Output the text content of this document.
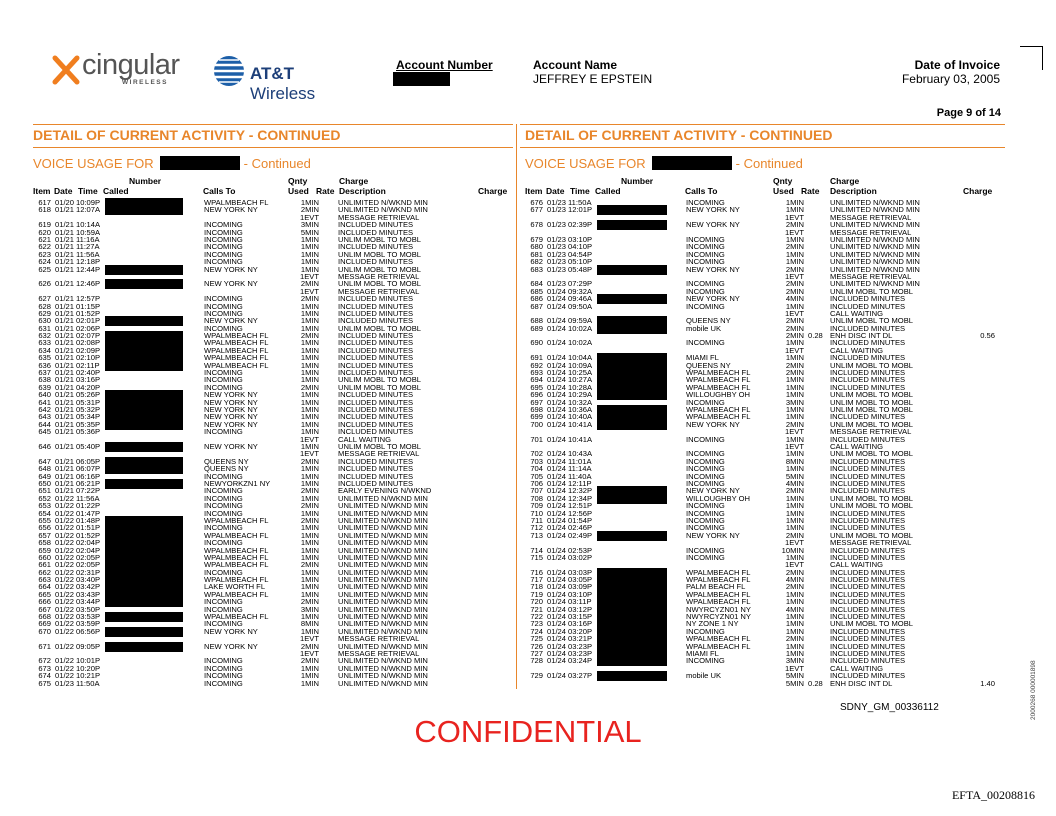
cingular
WIRELESS	AT&T Wireless
Account Number	Account Name
JEFFREY E EPSTEIN
Date of Invoice
February 03, 2005
Page 9 of 14
DETAIL OF CURRENT ACTIVITY - CONTINUED	DETAIL OF CURRENT ACTIVITY - CONTINUED
VOICE USAGE FOR	- Continued	VOICE USAGE FOR	- Continued
Number	Qnty	Charge
Item Date Time Called	Calls To	Used Rate Description	Charge
Number	Qnty	Charge
Item Date Time Called	Calls To	Used Rate Description	Charge
617 01/20 10:09P	WPALMBEACH FL	1MIN	UNLIMITED N/WKND MIN
618 01/21 12:07A	NEW YORK NY	2MIN	UNLIMITED N/WKND MIN
1EVT	MESSAGE RETRIEVAL
619 01/21 10:14A	INCOMING	3MIN	INCLUDED MINUTES
620 01/21 10:59A	INCOMING	5MIN	INCLUDED MINUTES
621 01/21 11:16A	INCOMING	1MIN	UNLIM MOBL TO MOBL
622 01/21 11:27A	INCOMING	1MIN	INCLUDED MINUTES
623 01/21 11:56A	INCOMING	1MIN	UNLIM MOBL TO MOBL
624 01/21 12:18P	INCOMING	1MIN	INCLUDED MINUTES
625 01/21 12:44P	NEW YORK NY	1MIN	UNLIM MOBL TO MOBL
1EVT	MESSAGE RETRIEVAL
626 01/21 12:46P	NEW YORK NY	2MIN	UNLIM MOBL TO MOBL
1EVT	MESSAGE RETRIEVAL
627 01/21 12:57P	INCOMING	2MIN	INCLUDED MINUTES
628 01/21 01:15P	INCOMING	1MIN	INCLUDED MINUTES
629 01/21 01:52P	INCOMING	1MIN	INCLUDED MINUTES
630 01/21 02:01P	NEW YORK NY	1MIN	INCLUDED MINUTES
631 01/21 02:06P	INCOMING	1MIN	UNLIM MOBL TO MOBL
632 01/21 02:07P	WPALMBEACH FL	2MIN	INCLUDED MINUTES
633 01/21 02:08P	WPALMBEACH FL	1MIN	INCLUDED MINUTES
634 01/21 02:09P	WPALMBEACH FL	1MIN	INCLUDED MINUTES
635 01/21 02:10P	WPALMBEACH FL	1MIN	INCLUDED MINUTES
636 01/21 02:11P	WPALMBEACH FL	1MIN	INCLUDED MINUTES
637 01/21 02:40P	INCOMING	1MIN	INCLUDED MINUTES
638 01/21 03:16P	INCOMING	1MIN	UNLIM MOBL TO MOBL
639 01/21 04:20P	INCOMING	2MIN	UNLIM MOBL TO MOBL
640 01/21 05:26P	NEW YORK NY	1MIN	INCLUDED MINUTES
641 01/21 05:31P	NEW YORK NY	1MIN	INCLUDED MINUTES
642 01/21 05:32P	NEW YORK NY	1MIN	INCLUDED MINUTES
643 01/21 05:34P	NEW YORK NY	1MIN	INCLUDED MINUTES
644 01/21 05:35P	NEW YORK NY	1MIN	INCLUDED MINUTES
645 01/21 05:36P	INCOMING	1MIN	INCLUDED MINUTES
1EVT	CALL WAITING
646 01/21 05:40P	NEW YORK NY	1MIN	UNLIM MOBL TO MOBL
1EVT	MESSAGE RETRIEVAL
647 01/21 06:05P	QUEENS NY	2MIN	INCLUDED MINUTES
648 01/21 06:07P	QUEENS NY	1MIN	INCLUDED MINUTES
649 01/21 06:16P	INCOMING	1MIN	INCLUDED MINUTES
650 01/21 06:21P	NEWYORKZN1 NY	1MIN	INCLUDED MINUTES
651 01/21 07:22P	INCOMING	2MIN	EARLY EVENING N/WKND
652 01/22 11:56A	INCOMING	1MIN	UNLIMITED N/WKND MIN
653 01/22 01:22P	INCOMING	2MIN	UNLIMITED N/WKND MIN
654 01/22 01:47P	INCOMING	1MIN	UNLIMITED N/WKND MIN
655 01/22 01:48P	WPALMBEACH FL	2MIN	UNLIMITED N/WKND MIN
656 01/22 01:51P	INCOMING	1MIN	UNLIMITED N/WKND MIN
657 01/22 01:52P	WPALMBEACH FL	1MIN	UNLIMITED N/WKND MIN
658 01/22 02:04P	INCOMING	1MIN	UNLIMITED N/WKND MIN
659 01/22 02:04P	WPALMBEACH FL	1MIN	UNLIMITED N/WKND MIN
660 01/22 02:05P	WPALMBEACH FL	1MIN	UNLIMITED N/WKND MIN
661 01/22 02:05P	WPALMBEACH FL	2MIN	UNLIMITED N/WKND MIN
662 01/22 02:31P	INCOMING	1MIN	UNLIMITED N/WKND MIN
663 01/22 03:40P	WPALMBEACH FL	1MIN	UNLIMITED N/WKND MIN
664 01/22 03:42P	LAKE WORTH FL	1MIN	UNLIMITED N/WKND MIN
665 01/22 03:43P	WPALMBEACH FL	1MIN	UNLIMITED N/WKND MIN
666 01/22 03:44P	INCOMING	2MIN	UNLIMITED N/WKND MIN
667 01/22 03:50P	INCOMING	3MIN	UNLIMITED N/WKND MIN
668 01/22 03:53P	WPALMBEACH FL	1MIN	UNLIMITED N/WKND MIN
669 01/22 03:59P	INCOMING	8MIN	UNLIMITED N/WKND MIN
670 01/22 06:56P	NEW YORK NY	1MIN	UNLIMITED N/WKND MIN
1EVT	MESSAGE RETRIEVAL
671 01/22 09:05P	NEW YORK NY	2MIN	UNLIMITED N/WKND MIN
1EVT	MESSAGE RETRIEVAL
672 01/22 10:01P	INCOMING	2MIN	UNLIMITED N/WKND MIN
673 01/22 10:20P	INCOMING	1MIN	UNLIMITED N/WKND MIN
674 01/22 10:21P	INCOMING	1MIN	UNLIMITED N/WKND MIN
675 01/23 11:50A	INCOMING	1MIN	UNLIMITED N/WKND MIN
676 01/23 11:50A	INCOMING	1MIN	UNLIMITED N/WKND MIN
677 01/23 12:01P	NEW YORK NY	1MIN	UNLIMITED N/WKND MIN
1EVT	MESSAGE RETRIEVAL
678 01/23 02:39P	NEW YORK NY	2MIN	UNLIMITED N/WKND MIN
1EVT	MESSAGE RETRIEVAL
679 01/23 03:10P	INCOMING	1MIN	UNLIMITED N/WKND MIN
680 01/23 04:10P	INCOMING	2MIN	UNLIMITED N/WKND MIN
681 01/23 04:54P	INCOMING	1MIN	UNLIMITED N/WKND MIN
682 01/23 05:10P	INCOMING	1MIN	UNLIMITED N/WKND MIN
683 01/23 05:48P	NEW YORK NY	2MIN	UNLIMITED N/WKND MIN
1EVT	MESSAGE RETRIEVAL
684 01/23 07:29P	INCOMING	2MIN	UNLIMITED N/WKND MIN
685 01/24 09:32A	INCOMING	2MIN	UNLIM MOBL TO MOBL
686 01/24 09:46A	NEW YORK NY	4MIN	INCLUDED MINUTES
687 01/24 09:50A	INCOMING	1MIN	INCLUDED MINUTES
1EVT	CALL WAITING
688 01/24 09:59A	QUEENS NY	2MIN	UNLIM MOBL TO MOBL
689 01/24 10:02A	mobile UK	2MIN	INCLUDED MINUTES
2MIN 0.28 ENH DISC INT DL	0.56
690 01/24 10:02A	INCOMING	1MIN	INCLUDED MINUTES
1EVT	CALL WAITING
691 01/24 10:04A	MIAMI FL	1MIN	INCLUDED MINUTES
692 01/24 10:09A	QUEENS NY	2MIN	UNLIM MOBL TO MOBL
693 01/24 10:25A	WPALMBEACH FL	2MIN	INCLUDED MINUTES
694 01/24 10:27A	WPALMBEACH FL	1MIN	INCLUDED MINUTES
695 01/24 10:28A	WPALMBEACH FL	1MIN	INCLUDED MINUTES
696 01/24 10:29A	WILLOUGHBY OH	1MIN	UNLIM MOBL TO MOBL
697 01/24 10:32A	INCOMING	3MIN	UNLIM MOBL TO MOBL
698 01/24 10:36A	WPALMBEACH FL	1MIN	UNLIM MOBL TO MOBL
699 01/24 10:40A	WPALMBEACH FL	1MIN	INCLUDED MINUTES
700 01/24 10:41A	NEW YORK NY	2MIN	UNLIM MOBL TO MOBL
1EVT	MESSAGE RETRIEVAL
701 01/24 10:41A	INCOMING	1MIN	INCLUDED MINUTES
1EVT	CALL WAITING
702 01/24 10:43A	INCOMING	1MIN	UNLIM MOBL TO MOBL
703 01/24 11:01A	INCOMING	8MIN	INCLUDED MINUTES
704 01/24 11:14A	INCOMING	1MIN	INCLUDED MINUTES
705 01/24 11:40A	INCOMING	5MIN	INCLUDED MINUTES
706 01/24 12:11P	INCOMING	4MIN	INCLUDED MINUTES
707 01/24 12:32P	NEW YORK NY	2MIN	INCLUDED MINUTES
708 01/24 12:34P	WILLOUGHBY OH	1MIN	UNLIM MOBL TO MOBL
709 01/24 12:51P	INCOMING	1MIN	UNLIM MOBL TO MOBL
710 01/24 12:56P	INCOMING	1MIN	INCLUDED MINUTES
711 01/24 01:54P	INCOMING	1MIN	INCLUDED MINUTES
712 01/24 02:46P	INCOMING	1MIN	INCLUDED MINUTES
713 01/24 02:49P	NEW YORK NY	2MIN	UNLIM MOBL TO MOBL
1EVT	MESSAGE RETRIEVAL
714 01/24 02:53P	INCOMING	10MIN	INCLUDED MINUTES
715 01/24 03:02P	INCOMING	1MIN	INCLUDED MINUTES
1EVT	CALL WAITING
716 01/24 03:03P	WPALMBEACH FL	2MIN	INCLUDED MINUTES
717 01/24 03:05P	WPALMBEACH FL	4MIN	INCLUDED MINUTES
718 01/24 03:09P	PALM BEACH FL	2MIN	INCLUDED MINUTES
719 01/24 03:10P	WPALMBEACH FL	1MIN	INCLUDED MINUTES
720 01/24 03:11P	WPALMBEACH FL	1MIN	INCLUDED MINUTES
721 01/24 03:12P	NWYRCYZN01 NY	4MIN	INCLUDED MINUTES
722 01/24 03:15P	NWYRCYZN01 NY	1MIN	INCLUDED MINUTES
723 01/24 03:16P	NY ZONE 1 NY	1MIN	UNLIM MOBL TO MOBL
724 01/24 03:20P	INCOMING	1MIN	INCLUDED MINUTES
725 01/24 03:21P	WPALMBEACH FL	2MIN	INCLUDED MINUTES
726 01/24 03:23P	WPALMBEACH FL	1MIN	INCLUDED MINUTES
727 01/24 03:23P	MIAMI FL	1MIN	INCLUDED MINUTES
728 01/24 03:24P	INCOMING	3MIN	INCLUDED MINUTES
1EVT	CALL WAITING
729 01/24 03:27P	mobile UK	5MIN	INCLUDED MINUTES
5MIN 0.28 ENH DISC INT DL	1.40
SDNY_GM_00336112
CONFIDENTIAL
EFTA_00208816
2000268 000001898
